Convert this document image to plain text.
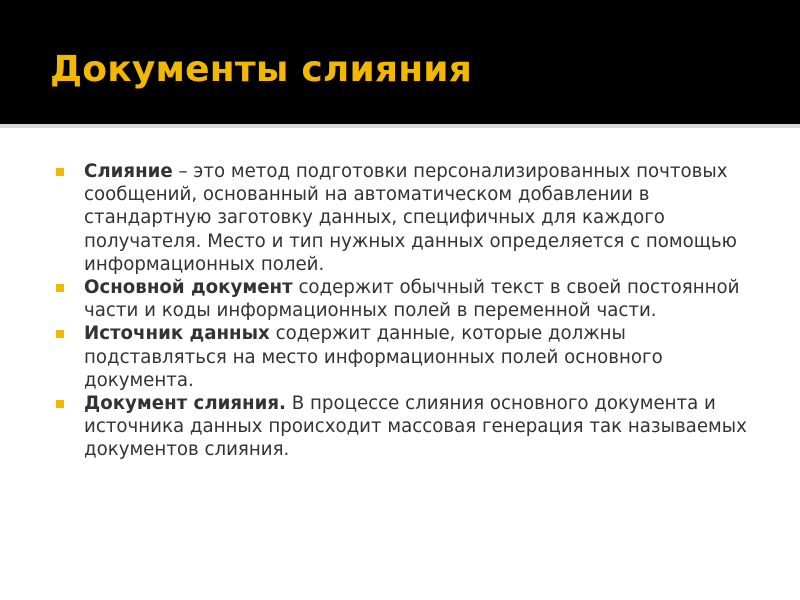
Документы слияния
Слияние – это метод подготовки персонализированных почтовых сообщений, основанный на автоматическом добавлении в стандартную заготовку данных, специфичных для каждого получателя. Место и тип нужных данных определяется с помощью информационных полей.
Основной документ содержит обычный текст в своей постоянной части и коды информационных полей в переменной части.
Источник данных содержит данные, которые должны подставляться на место информационных полей основного документа.
Документ слияния. В процессе слияния основного документа и источника данных происходит массовая генерация так называемых документов слияния.
